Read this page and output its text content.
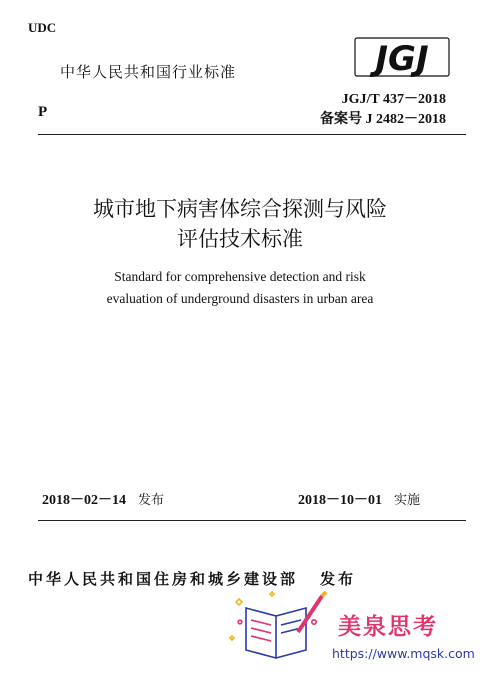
UDC
中华人民共和国行业标准	JGJ
P
JGJ/T 437－2018
备案号 J 2482－2018
城市地下病害体综合探测与风险
评估技术标准
Standard for comprehensive detection and risk
evaluation of underground disasters in urban area
2018－02－14 发布	2018－10－01 实施
中华人民共和国住房和城乡建设部 发布
美泉思考
https://www.mqsk.com
